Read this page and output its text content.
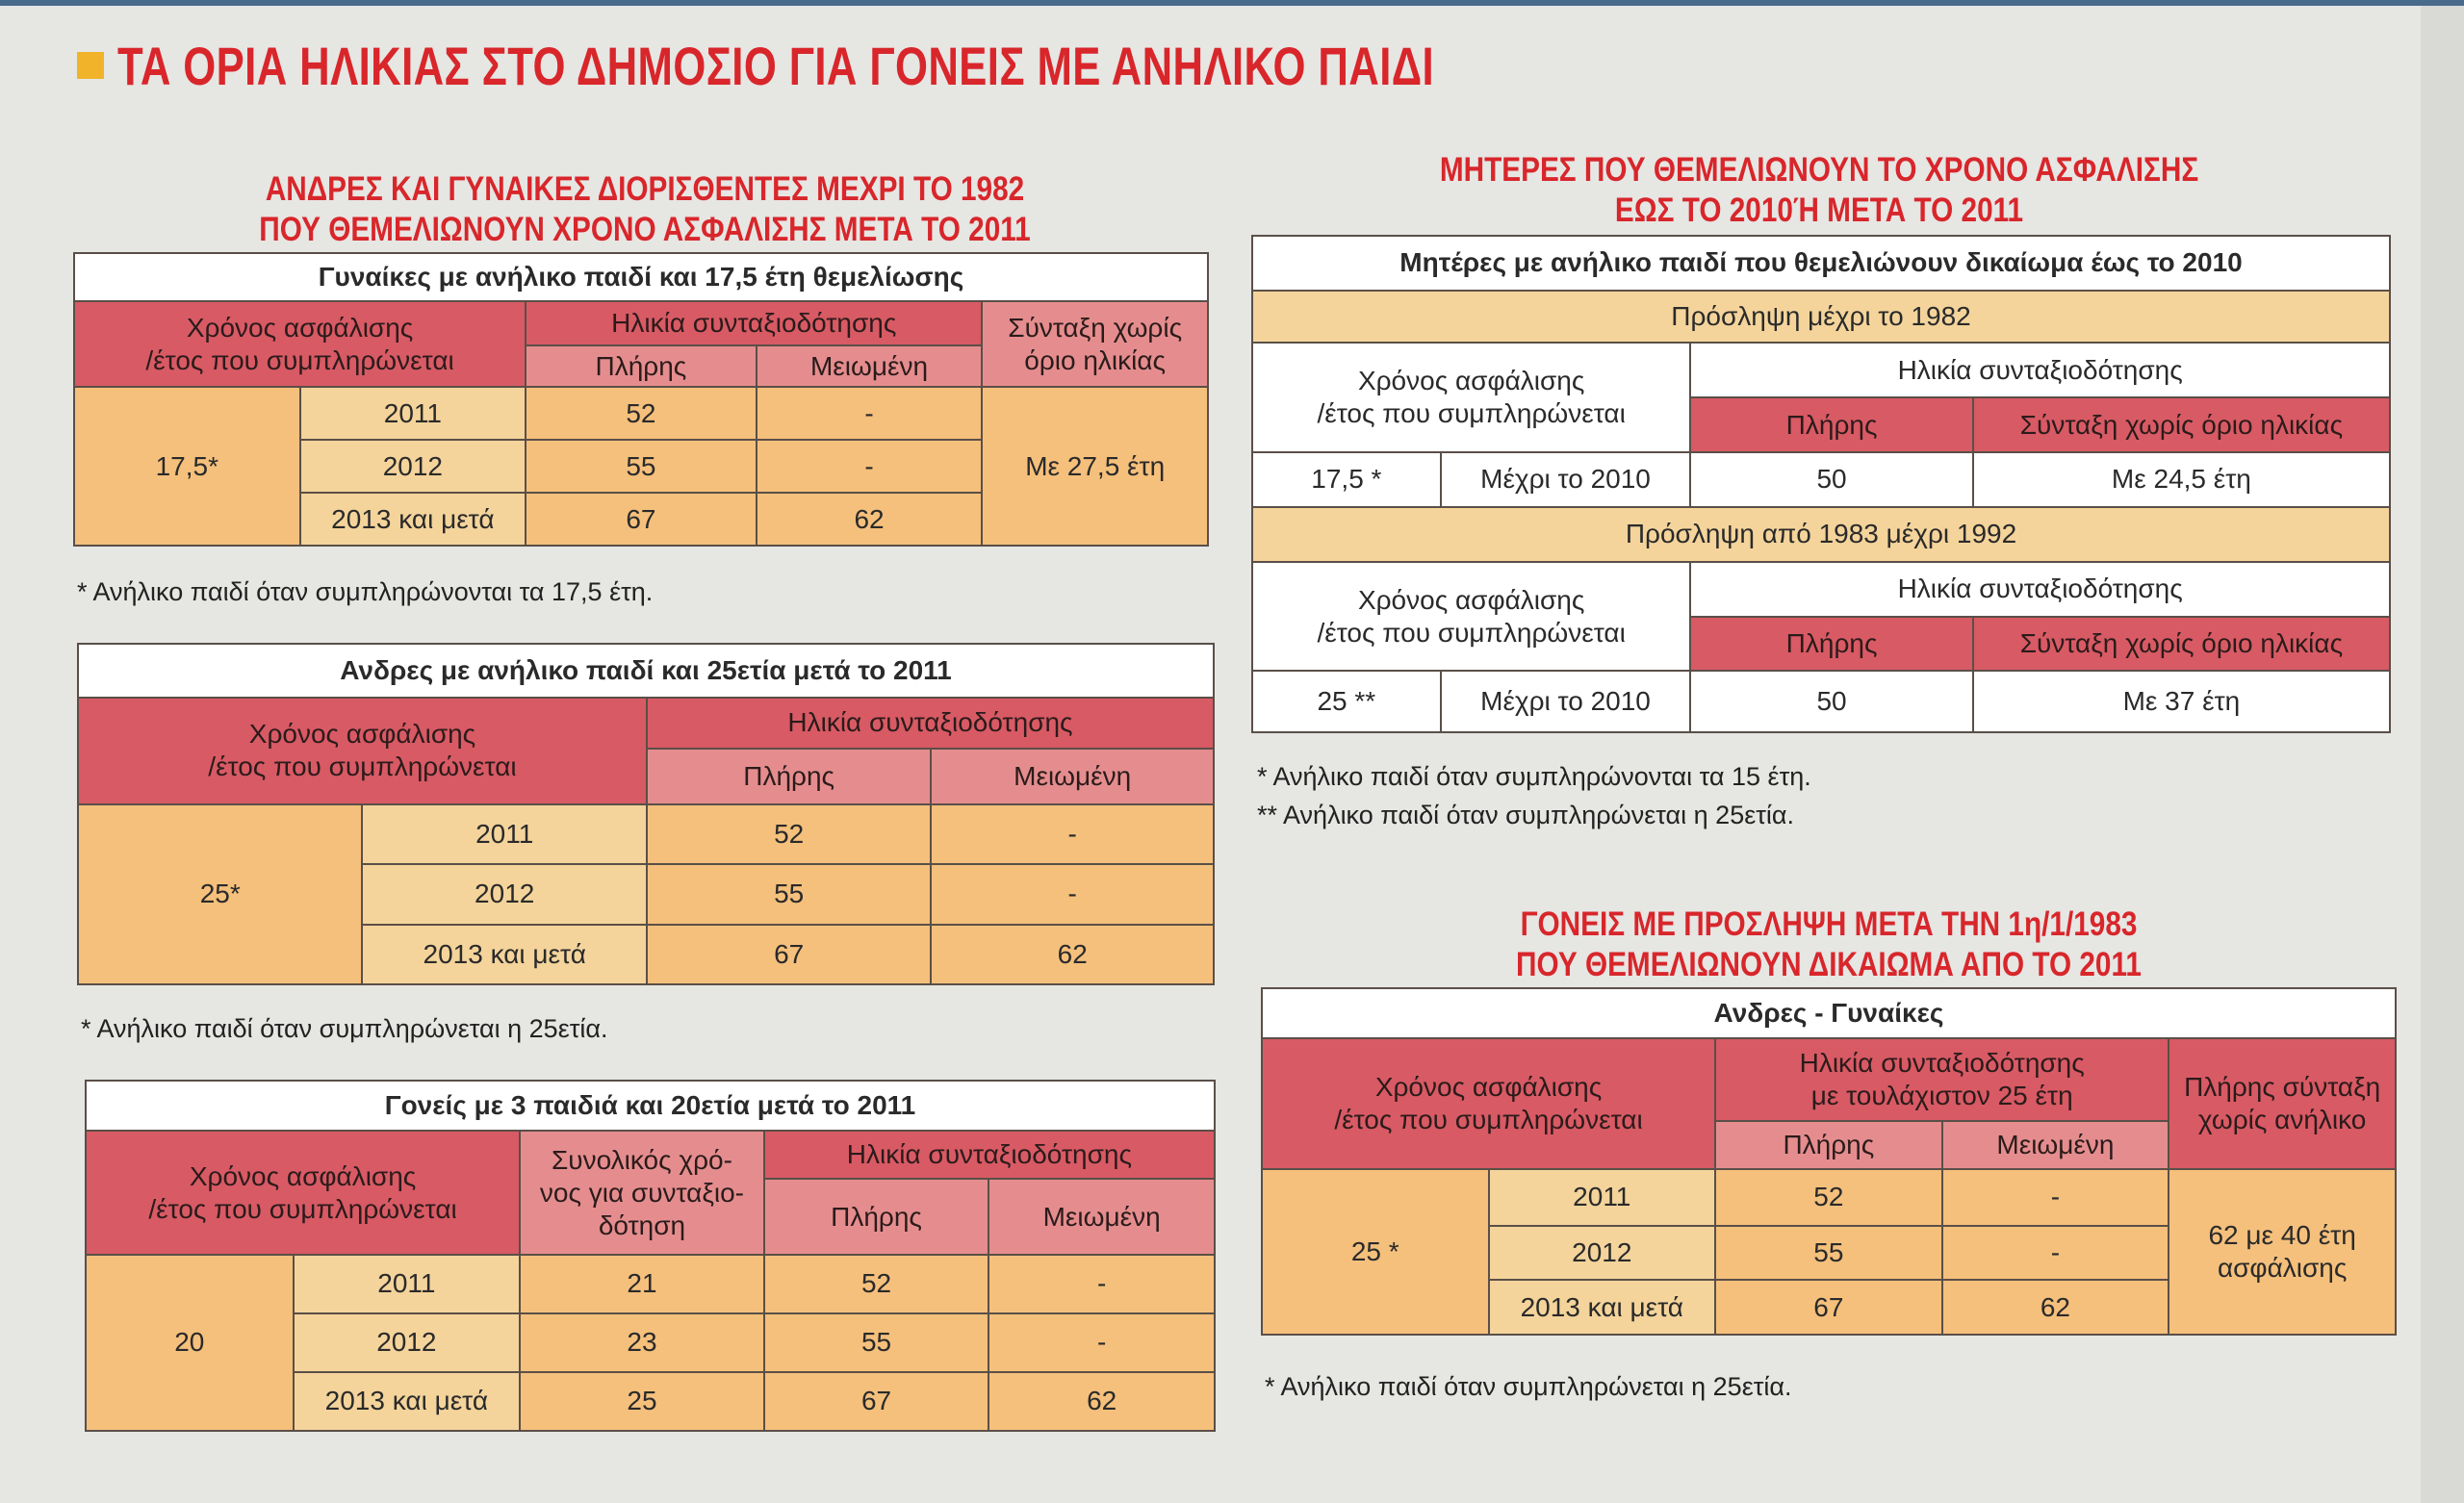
ΤΑ ΟΡΙΑ ΗΛΙΚΙΑΣ ΣΤΟ ΔΗΜΟΣΙΟ ΓΙΑ ΓΟΝΕΙΣ ΜΕ ΑΝΗΛΙΚΟ ΠΑΙΔΙ
ΑΝΔΡΕΣ ΚΑΙ ΓΥΝΑΙΚΕΣ ΔΙΟΡΙΣΘΕΝΤΕΣ ΜΕΧΡΙ ΤΟ 1982
ΠΟΥ ΘΕΜΕΛΙΩΝΟΥΝ ΧΡΟΝΟ ΑΣΦΑΛΙΣΗΣ ΜΕΤΑ ΤΟ 2011
Γυναίκες με ανήλικο παιδί και 17,5 έτη θεμελίωσης				
Χρόνος ασφάλισης
/έτος που συμπληρώνεται		Ηλικία συνταξιοδότησης		Σύνταξη χωρίς
όριο ηλικίας
		Πλήρης	Μειωμένη	
17,5*	2011	52	-	Με 27,5 έτη
	2012	55	-	
	2013 και μετά	67	62	
* Ανήλικο παιδί όταν συμπληρώνονται τα 17,5 έτη.
Ανδρες με ανήλικο παιδί και 25ετία μετά το 2011			
Χρόνος ασφάλισης
/έτος που συμπληρώνεται		Ηλικία συνταξιοδότησης	
		Πλήρης	Μειωμένη
25*	2011	52	-
	2012	55	-
	2013 και μετά	67	62
* Ανήλικο παιδί όταν συμπληρώνεται η 25ετία.
Γονείς με 3 παιδιά και 20ετία μετά το 2011				
Χρόνος ασφάλισης
/έτος που συμπληρώνεται		Συνολικός χρό-
νος για συνταξιο-
δότηση	Ηλικία συνταξιοδότησης	
			Πλήρης	Μειωμένη
20	2011	21	52	-
	2012	23	55	-
	2013 και μετά	25	67	62
ΜΗΤΕΡΕΣ ΠΟΥ ΘΕΜΕΛΙΩΝΟΥΝ ΤΟ ΧΡΟΝΟ ΑΣΦΑΛΙΣΗΣ
ΕΩΣ ΤΟ 2010Ή ΜΕΤΑ ΤΟ 2011
Μητέρες με ανήλικο παιδί που θεμελιώνουν δικαίωμα έως το 2010			
Πρόσληψη μέχρι το 1982			
Χρόνος ασφάλισης
/έτος που συμπληρώνεται		Ηλικία συνταξιοδότησης	
		Πλήρης	Σύνταξη χωρίς όριο ηλικίας
17,5 *	Μέχρι το 2010	50	Με 24,5 έτη
Πρόσληψη από 1983 μέχρι 1992			
Χρόνος ασφάλισης
/έτος που συμπληρώνεται		Ηλικία συνταξιοδότησης	
		Πλήρης	Σύνταξη χωρίς όριο ηλικίας
25 **	Μέχρι το 2010	50	Με 37 έτη
* Ανήλικο παιδί όταν συμπληρώνονται τα 15 έτη.
** Ανήλικο παιδί όταν συμπληρώνεται η 25ετία.
ΓΟΝΕΙΣ ΜΕ ΠΡΟΣΛΗΨΗ ΜΕΤΑ ΤΗΝ 1η/1/1983
ΠΟΥ ΘΕΜΕΛΙΩΝΟΥΝ ΔΙΚΑΙΩΜΑ ΑΠΟ ΤΟ 2011
Ανδρες - Γυναίκες				
Χρόνος ασφάλισης
/έτος που συμπληρώνεται		Ηλικία συνταξιοδότησης
με τουλάχιστον 25 έτη		Πλήρης σύνταξη
χωρίς ανήλικο
		Πλήρης	Μειωμένη	
25 *	2011	52	-	62 με 40 έτη
ασφάλισης
	2012	55	-	
	2013 και μετά	67	62	
* Ανήλικο παιδί όταν συμπληρώνεται η 25ετία.
